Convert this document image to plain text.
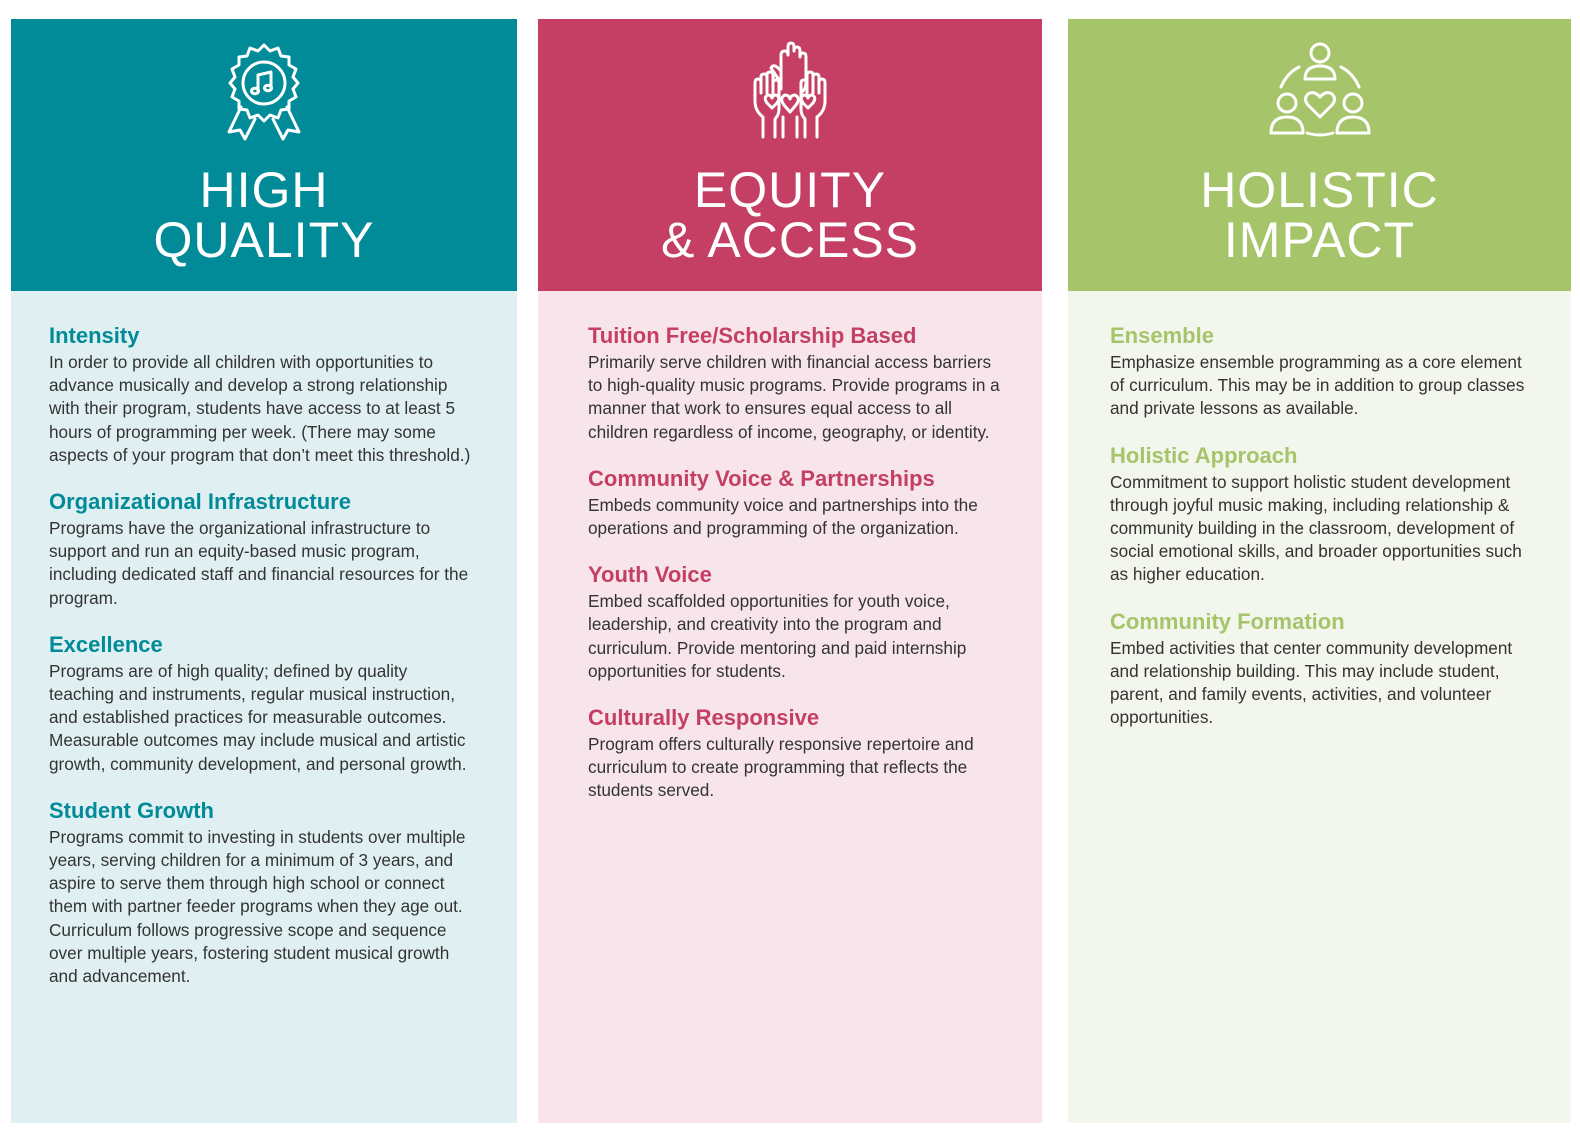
HIGH
QUALITY
Intensity

In order to provide all children with opportunities to advance musically and develop a strong relationship with their program, students have access to at least 5 hours of programming per week. (There may some aspects of your program that don’t meet this threshold.)

Organizational Infrastructure

Programs have the organizational infrastructure to support and run an equity-based music program, including dedicated staff and financial resources for the program.

Excellence

Programs are of high quality; defined by quality teaching and instruments, regular musical instruction, and established practices for measurable outcomes. Measurable outcomes may include musical and artistic growth, community development, and personal growth.

Student Growth

Programs commit to investing in students over multiple years, serving children for a minimum of 3 years, and aspire to serve them through high school or connect them with partner feeder programs when they age out. Curriculum follows progressive scope and sequence over multiple years, fostering student musical growth and advancement.

EQUITY
& ACCESS
Tuition Free/Scholarship Based

Primarily serve children with financial access barriers to high-quality music programs. Provide programs in a manner that work to ensures equal access to all children regardless of income, geography, or identity.

Community Voice & Partnerships

Embeds community voice and partnerships into the operations and programming of the organization.

Youth Voice

Embed scaffolded opportunities for youth voice, leadership, and creativity into the program and curriculum. Provide mentoring and paid internship opportunities for students.

Culturally Responsive

Program offers culturally responsive repertoire and curriculum to create programming that reflects the students served.

HOLISTIC
IMPACT
Ensemble

Emphasize ensemble programming as a core element of curriculum. This may be in addition to group classes and private lessons as available.

Holistic Approach

Commitment to support holistic student development through joyful music making, including relationship & community building in the classroom, development of social emotional skills, and broader opportunities such as higher education.

Community Formation

Embed activities that center community development and relationship building. This may include student, parent, and family events, activities, and volunteer opportunities.
